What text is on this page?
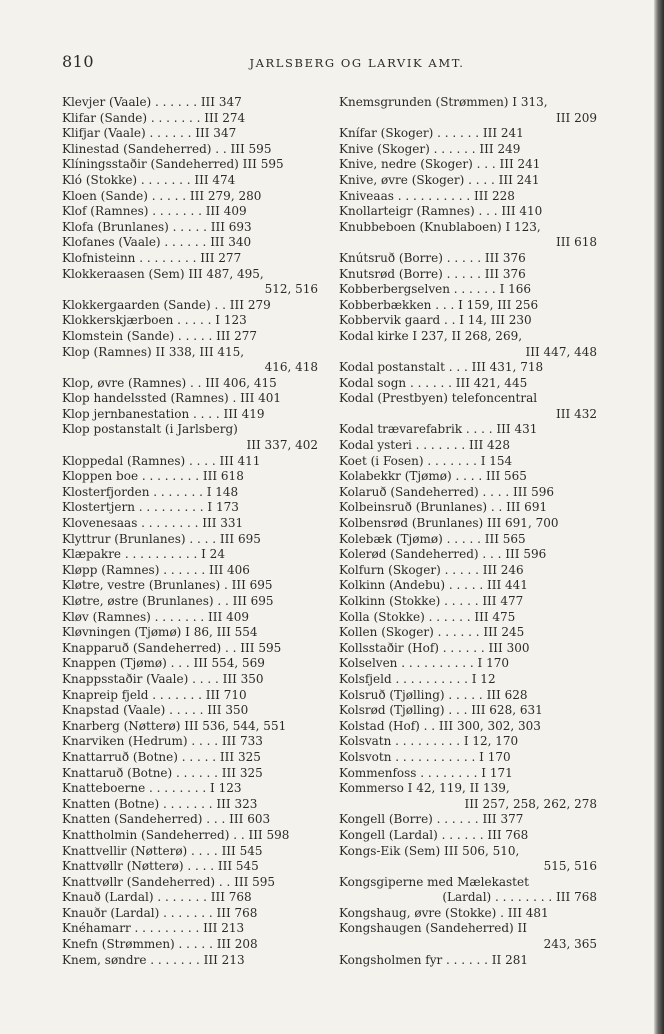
810	JARLSBERG OG LARVIK AMT.
Klevjer (Vaale) . . . . . . III 347
Klifar (Sande) . . . . . . . III 274
Klifjar (Vaale) . . . . . . III 347
Klinestad (Sandeherred) . . III 595
Klíningsstaðir (Sandeherred) III 595
Kló (Stokke) . . . . . . . III 474
Kloen (Sande) . . . . . III 279, 280
Klof (Ramnes) . . . . . . . III 409
Klofa (Brunlanes) . . . . . III 693
Klofanes (Vaale) . . . . . . III 340
Klofnisteinn . . . . . . . . III 277
Klokkeraasen (Sem) III 487, 495,
512, 516
Klokkergaarden (Sande) . . III 279
Klokkerskjærboen . . . . . I 123
Klomstein (Sande) . . . . . III 277
Klop (Ramnes) II 338, III 415,
416, 418
Klop, øvre (Ramnes) . . III 406, 415
Klop handelssted (Ramnes) . III 401
Klop jernbanestation . . . . III 419
Klop postanstalt (i Jarlsberg)
III 337, 402
Kloppedal (Ramnes) . . . . III 411
Kloppen boe . . . . . . . . III 618
Klosterfjorden . . . . . . . I 148
Klostertjern . . . . . . . . . I 173
Klovenesaas . . . . . . . . III 331
Klyttrur (Brunlanes) . . . . III 695
Klæpakre . . . . . . . . . . I 24
Kløpp (Ramnes) . . . . . . III 406
Kløtre, vestre (Brunlanes) . III 695
Kløtre, østre (Brunlanes) . . III 695
Kløv (Ramnes) . . . . . . . III 409
Kløvningen (Tjømø) I 86, III 554
Knapparuð (Sandeherred) . . III 595
Knappen (Tjømø) . . . III 554, 569
Knappsstaðir (Vaale) . . . . III 350
Knapreip fjeld . . . . . . . III 710
Knapstad (Vaale) . . . . . III 350
Knarberg (Nøtterø) III 536, 544, 551
Knarviken (Hedrum) . . . . III 733
Knattarruð (Botne) . . . . . III 325
Knattaruð (Botne) . . . . . . III 325
Knatteboerne . . . . . . . . I 123
Knatten (Botne) . . . . . . . III 323
Knatten (Sandeherred) . . . III 603
Knattholmin (Sandeherred) . . III 598
Knattvellir (Nøtterø) . . . . III 545
Knattvøllr (Nøtterø) . . . . III 545
Knattvøllr (Sandeherred) . . III 595
Knauð (Lardal) . . . . . . . III 768
Knauðr (Lardal) . . . . . . . III 768
Knéhamarr . . . . . . . . . III 213
Knefn (Strømmen) . . . . . III 208
Knem, søndre . . . . . . . III 213
Knemsgrunden (Strømmen) I 313,
III 209
Knífar (Skoger) . . . . . . III 241
Knive (Skoger) . . . . . . III 249
Knive, nedre (Skoger) . . . III 241
Knive, øvre (Skoger) . . . . III 241
Kniveaas . . . . . . . . . . III 228
Knollarteigr (Ramnes) . . . III 410
Knubbeboen (Knublaboen) I 123,
III 618
Knútsruð (Borre) . . . . . III 376
Knutsrød (Borre) . . . . . III 376
Kobberbergselven . . . . . . I 166
Kobberbækken . . . I 159, III 256
Kobbervik gaard . . I 14, III 230
Kodal kirke I 237, II 268, 269,
III 447, 448
Kodal postanstalt . . . III 431, 718
Kodal sogn . . . . . . III 421, 445
Kodal (Prestbyen) telefoncentral
III 432
Kodal trævarefabrik . . . . III 431
Kodal ysteri . . . . . . . III 428
Koet (i Fosen) . . . . . . . I 154
Kolabekkr (Tjømø) . . . . III 565
Kolaruð (Sandeherred) . . . . III 596
Kolbeinsruð (Brunlanes) . . III 691
Kolbensrød (Brunlanes) III 691, 700
Kolebæk (Tjømø) . . . . . III 565
Kolerød (Sandeherred) . . . III 596
Kolfurn (Skoger) . . . . . III 246
Kolkinn (Andebu) . . . . . III 441
Kolkinn (Stokke) . . . . . III 477
Kolla (Stokke) . . . . . . III 475
Kollen (Skoger) . . . . . . III 245
Kollsstaðir (Hof) . . . . . . III 300
Kolselven . . . . . . . . . . I 170
Kolsfjeld . . . . . . . . . . I 12
Kolsruð (Tjølling) . . . . . III 628
Kolsrød (Tjølling) . . . III 628, 631
Kolstad (Hof) . . III 300, 302, 303
Kolsvatn . . . . . . . . . I 12, 170
Kolsvotn . . . . . . . . . . . I 170
Kommenfoss . . . . . . . . I 171
Kommerso I 42, 119, II 139,
III 257, 258, 262, 278
Kongell (Borre) . . . . . . III 377
Kongell (Lardal) . . . . . . III 768
Kongs-Eik (Sem) III 506, 510,
515, 516
Kongsgiperne med Mælekastet
(Lardal) . . . . . . . . III 768
Kongshaug, øvre (Stokke) . III 481
Kongshaugen (Sandeherred) II
243, 365
Kongsholmen fyr . . . . . . II 281
